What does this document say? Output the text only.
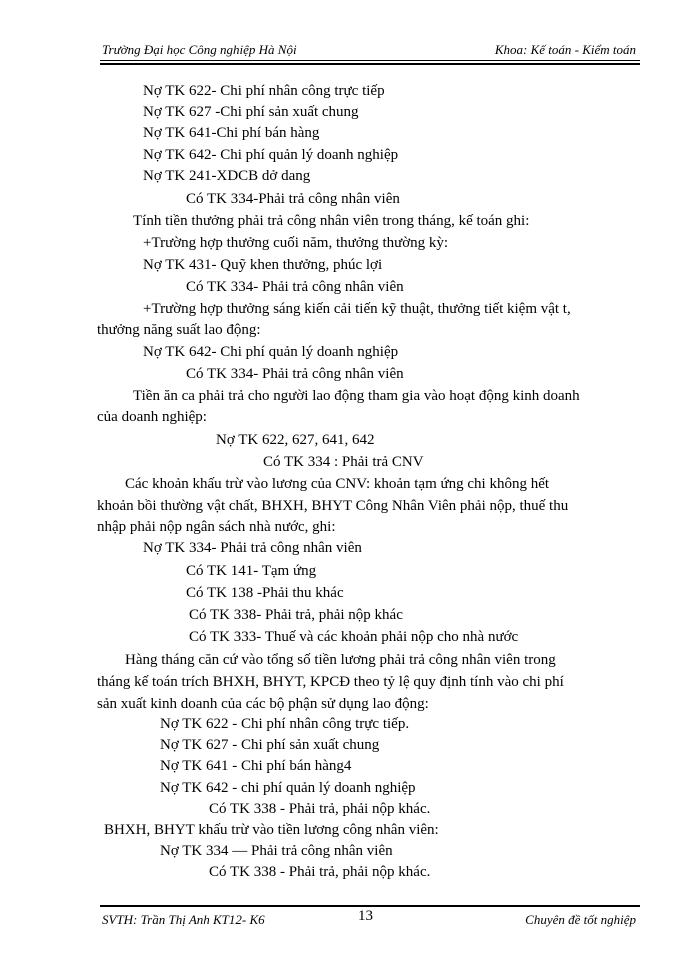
Trường Đại học Công nghiệp Hà Nội	Khoa: Kế toán - Kiểm toán
Nợ TK 622- Chi phí nhân công trực tiếp
Nợ TK 627 -Chi phí sản xuất chung
Nợ TK 641-Chi phí bán hàng
Nợ TK 642- Chi phí quản lý doanh nghiệp
Nợ TK 241-XDCB dở dang
Có TK 334-Phải trả công nhân viên
Tính tiền thưởng phải trả công nhân viên trong tháng, kế toán ghi:
+Trường hợp thưởng cuối năm, thưởng thường kỳ:
Nợ TK 431- Quỹ khen thưởng, phúc lợi
Có TK 334- Phải trả công nhân viên
+Trường hợp thưởng sáng kiến cải tiến kỹ thuật, thưởng tiết kiệm vật t,
thưởng năng suất lao động:
Nợ TK 642- Chi phí quản lý doanh nghiệp
Có TK 334- Phải trả công nhân viên
Tiền ăn ca phải trả cho người lao động tham gia vào hoạt động kinh doanh
của doanh nghiệp:
Nợ TK 622, 627, 641, 642
Có TK 334 : Phải trả CNV
Các khoản khấu trừ vào lương của CNV: khoản tạm ứng chi không hết
khoản bồi thường vật chất, BHXH, BHYT Công Nhân Viên phải nộp, thuế thu
nhập phải nộp ngân sách nhà nước, ghi:
Nợ TK 334- Phải trả công nhân viên
Có TK 141- Tạm ứng
Có TK 138 -Phải thu khác
Có TK 338- Phải trả, phải nộp khác
Có TK 333- Thuế và các khoản phải nộp cho nhà nước
Hàng tháng căn cứ vào tổng số tiền lương phải trả công nhân viên trong
tháng kế toán trích BHXH, BHYT, KPCĐ theo tỷ lệ quy định tính vào chi phí
sản xuất kinh doanh của các bộ phận sử dụng lao động:
Nợ TK 622 - Chi phí nhân công trực tiếp.
Nợ TK 627 - Chi phí sản xuất chung
Nợ TK 641 - Chi phí bán hàng4
Nợ TK 642 - chi phí quản lý doanh nghiệp
Có TK 338 - Phải trả, phải nộp khác.
BHXH, BHYT khấu trừ vào tiền lương công nhân viên:
Nợ TK 334 — Phải trả công nhân viên
Có TK 338 - Phải trả, phải nộp khác.
SVTH: Trần Thị Anh KT12- K6	13	Chuyên đề tốt nghiệp
